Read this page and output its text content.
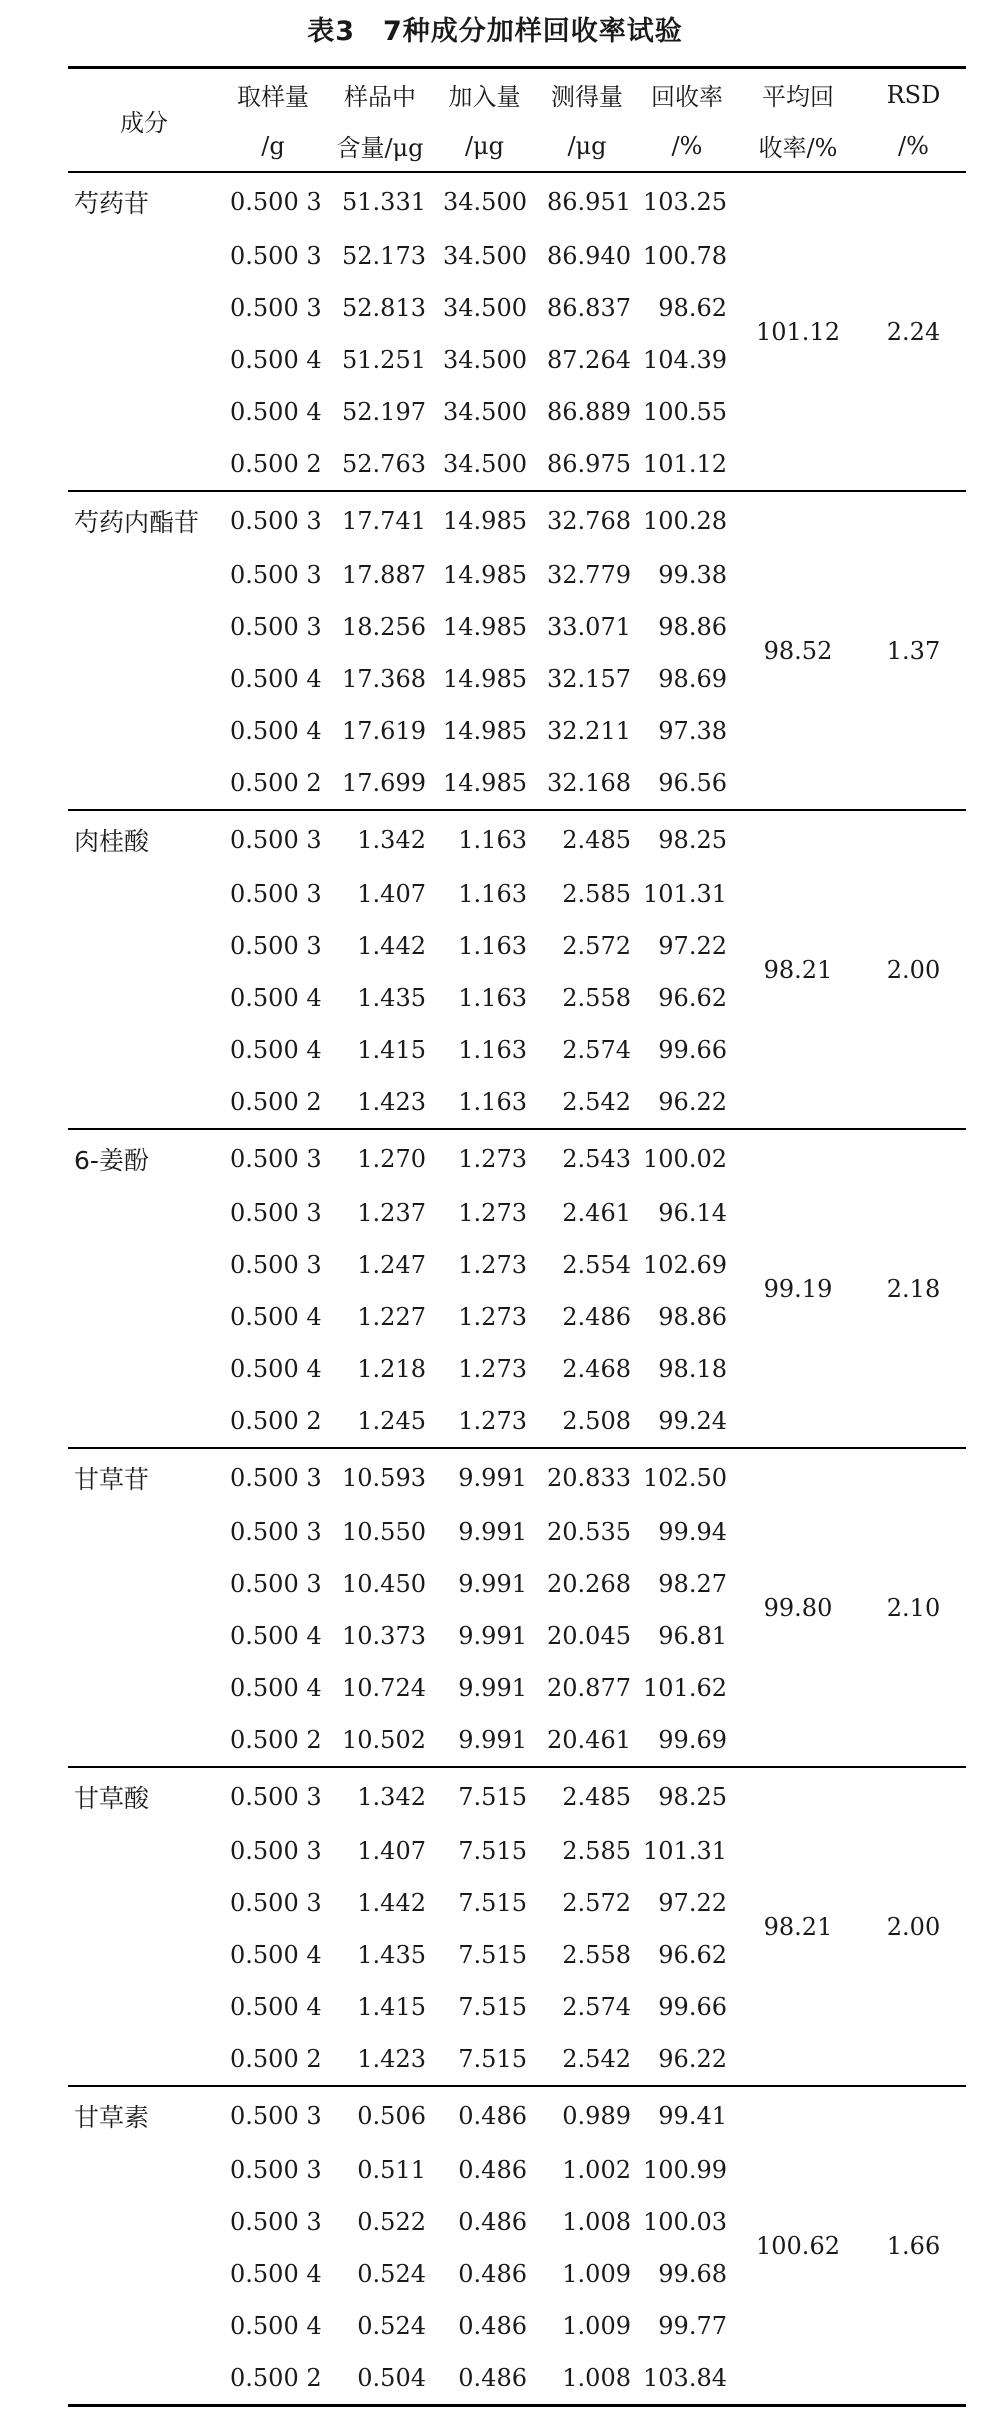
表3　7种成分加样回收率试验
成分	取样量	样品中	加入量	测得量	回收率	平均回	RSD
	/g	含量/μg	/μg	/μg	/%	收率/%	/%
芍药苷	0.500 3	51.331	34.500	86.951	103.25	101.12	2.24
	0.500 3	52.173	34.500	86.940	100.78		
	0.500 3	52.813	34.500	86.837	98.62		
	0.500 4	51.251	34.500	87.264	104.39		
	0.500 4	52.197	34.500	86.889	100.55		
	0.500 2	52.763	34.500	86.975	101.12		
芍药内酯苷	0.500 3	17.741	14.985	32.768	100.28	98.52	1.37
	0.500 3	17.887	14.985	32.779	99.38		
	0.500 3	18.256	14.985	33.071	98.86		
	0.500 4	17.368	14.985	32.157	98.69		
	0.500 4	17.619	14.985	32.211	97.38		
	0.500 2	17.699	14.985	32.168	96.56		
肉桂酸	0.500 3	1.342	1.163	2.485	98.25	98.21	2.00
	0.500 3	1.407	1.163	2.585	101.31		
	0.500 3	1.442	1.163	2.572	97.22		
	0.500 4	1.435	1.163	2.558	96.62		
	0.500 4	1.415	1.163	2.574	99.66		
	0.500 2	1.423	1.163	2.542	96.22		
6-姜酚	0.500 3	1.270	1.273	2.543	100.02	99.19	2.18
	0.500 3	1.237	1.273	2.461	96.14		
	0.500 3	1.247	1.273	2.554	102.69		
	0.500 4	1.227	1.273	2.486	98.86		
	0.500 4	1.218	1.273	2.468	98.18		
	0.500 2	1.245	1.273	2.508	99.24		
甘草苷	0.500 3	10.593	9.991	20.833	102.50	99.80	2.10
	0.500 3	10.550	9.991	20.535	99.94		
	0.500 3	10.450	9.991	20.268	98.27		
	0.500 4	10.373	9.991	20.045	96.81		
	0.500 4	10.724	9.991	20.877	101.62		
	0.500 2	10.502	9.991	20.461	99.69		
甘草酸	0.500 3	1.342	7.515	2.485	98.25	98.21	2.00
	0.500 3	1.407	7.515	2.585	101.31		
	0.500 3	1.442	7.515	2.572	97.22		
	0.500 4	1.435	7.515	2.558	96.62		
	0.500 4	1.415	7.515	2.574	99.66		
	0.500 2	1.423	7.515	2.542	96.22		
甘草素	0.500 3	0.506	0.486	0.989	99.41	100.62	1.66
	0.500 3	0.511	0.486	1.002	100.99		
	0.500 3	0.522	0.486	1.008	100.03		
	0.500 4	0.524	0.486	1.009	99.68		
	0.500 4	0.524	0.486	1.009	99.77		
	0.500 2	0.504	0.486	1.008	103.84		
